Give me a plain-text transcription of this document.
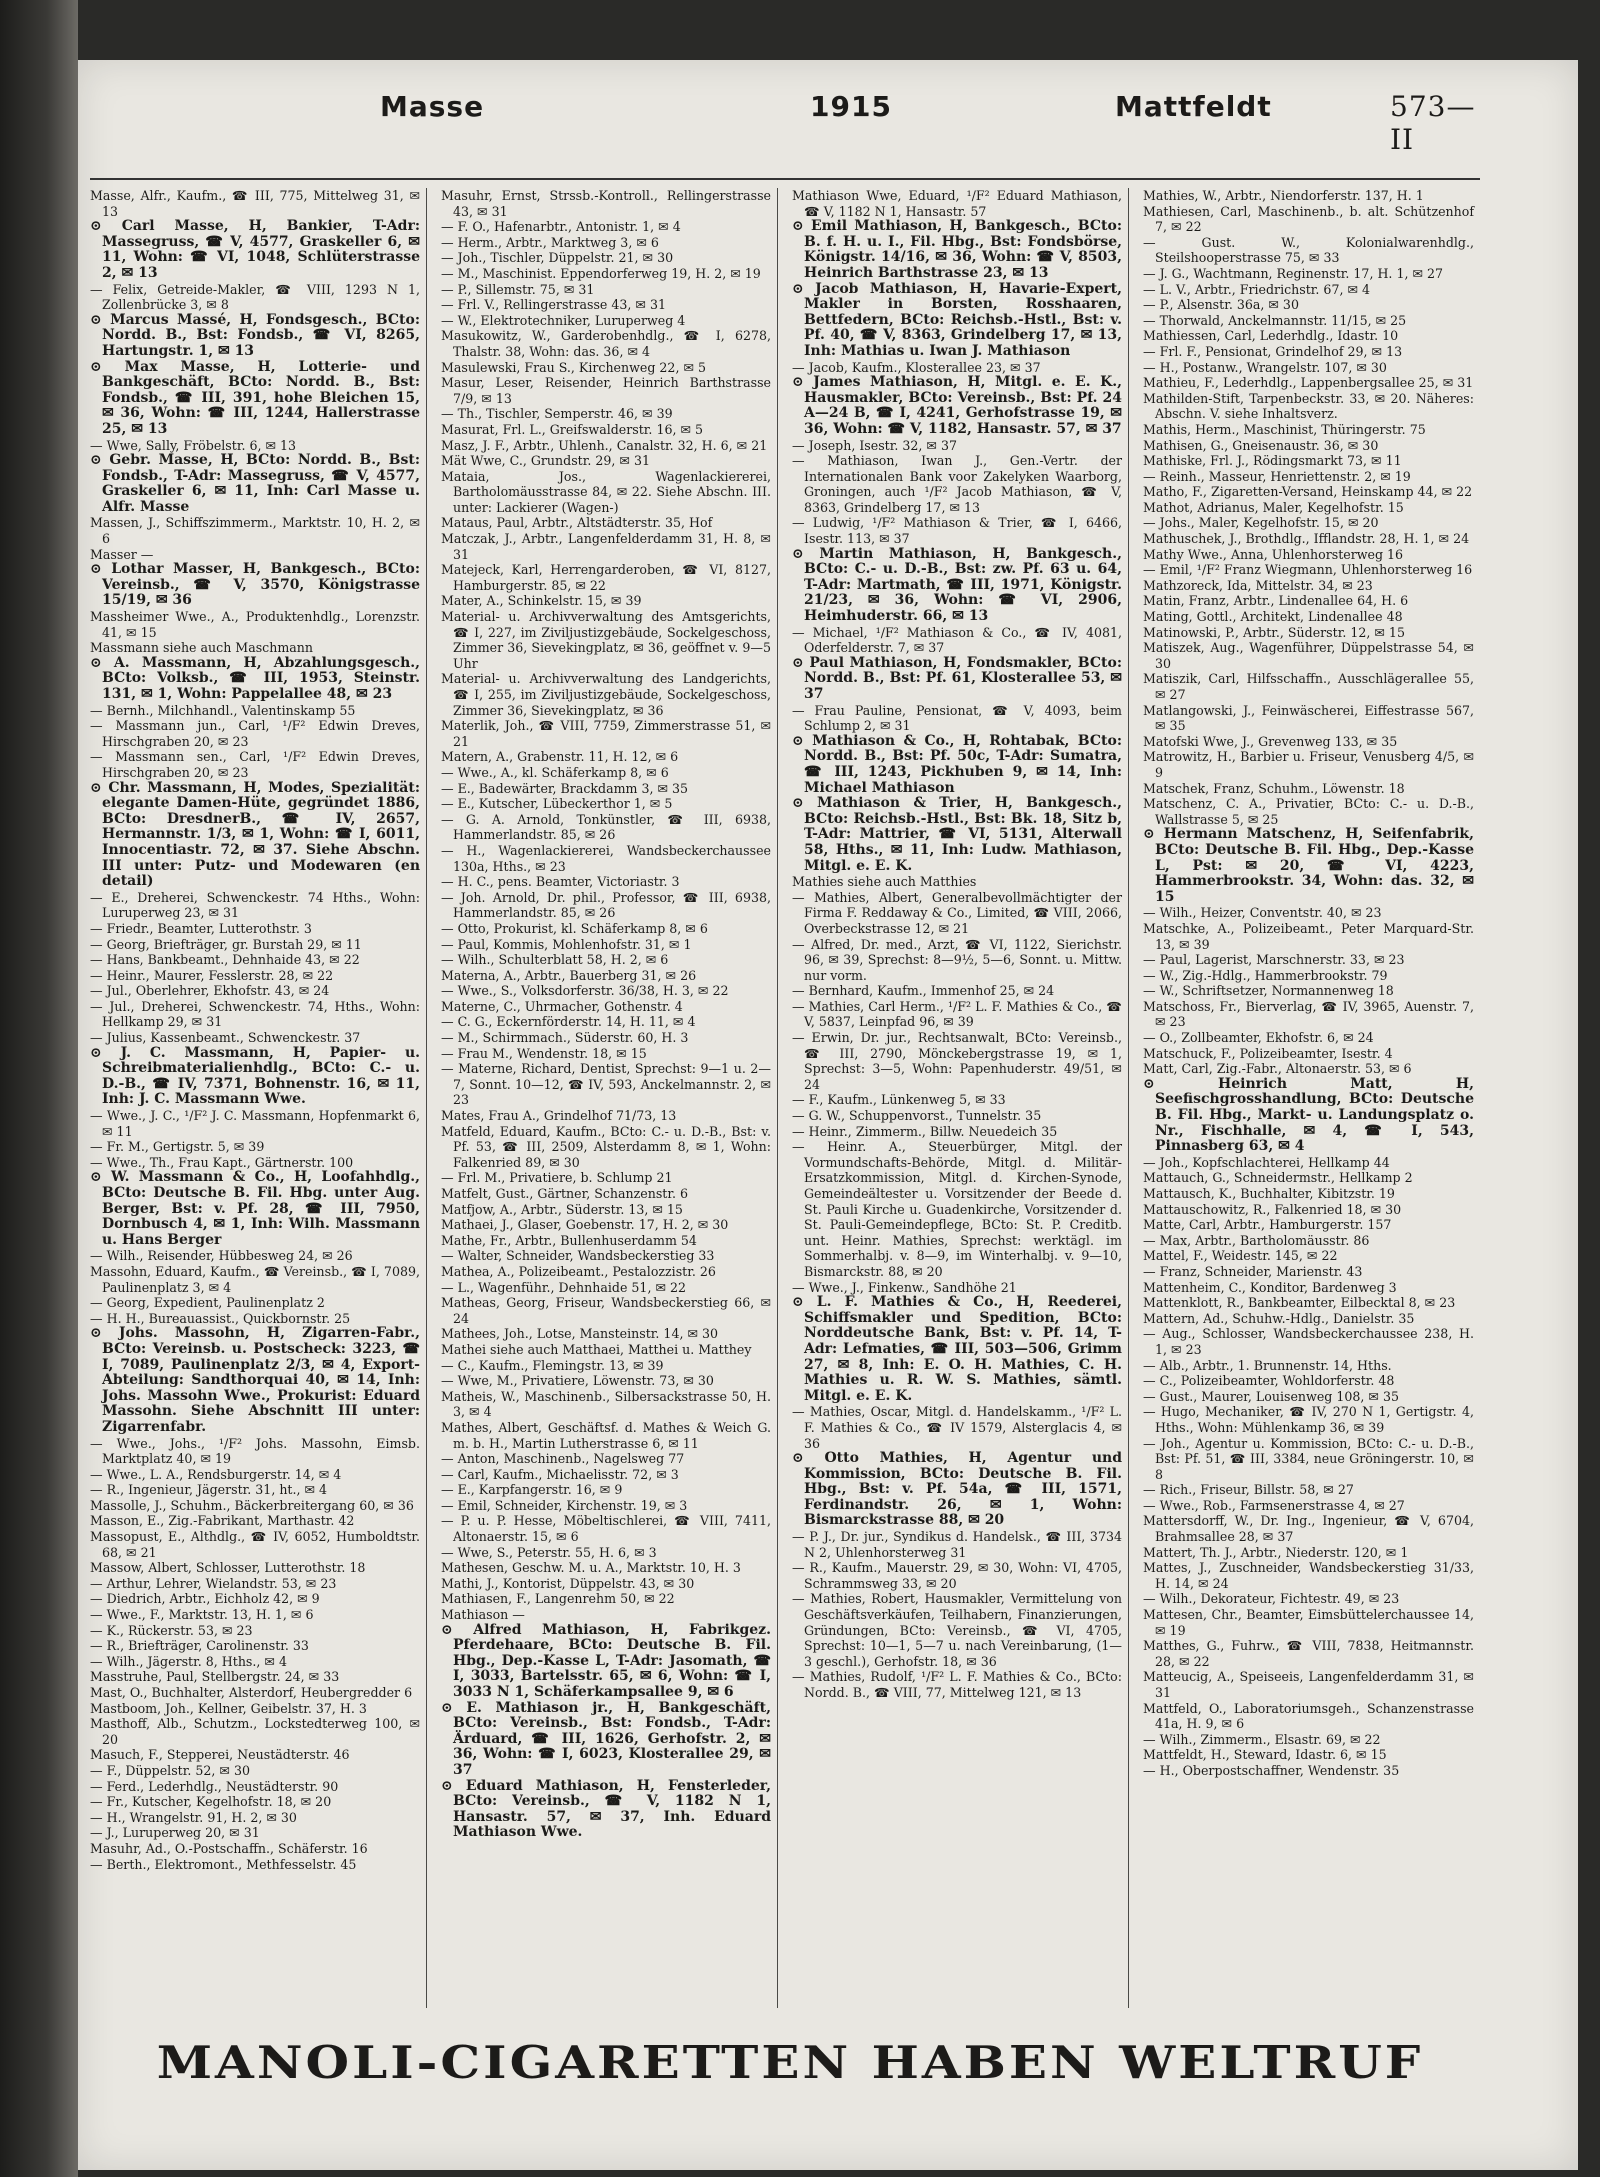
Masse	1915	Mattfeldt	573—II

Masse, Alfr., Kaufm., ☎ III, 775, Mittelweg 31, ✉ 13

⊙ Carl Masse, H, Bankier, T-Adr: Massegruss, ☎ V, 4577, Graskeller 6, ✉ 11, Wohn: ☎ VI, 1048, Schlüterstrasse 2, ✉ 13

— Felix, Getreide-Makler, ☎ VIII, 1293 N 1, Zollenbrücke 3, ✉ 8

⊙ Marcus Massé, H, Fondsgesch., BCto: Nordd. B., Bst: Fondsb., ☎ VI, 8265, Hartungstr. 1, ✉ 13

⊙ Max Masse, H, Lotterie- und Bankgeschäft, BCto: Nordd. B., Bst: Fondsb., ☎ III, 391, hohe Bleichen 15, ✉ 36, Wohn: ☎ III, 1244, Hallerstrasse 25, ✉ 13

— Wwe, Sally, Fröbelstr. 6, ✉ 13

⊙ Gebr. Masse, H, BCto: Nordd. B., Bst: Fondsb., T-Adr: Massegruss, ☎ V, 4577, Graskeller 6, ✉ 11, Inh: Carl Masse u. Alfr. Masse

Massen, J., Schiffszimmerm., Marktstr. 10, H. 2, ✉ 6

Masser —

⊙ Lothar Masser, H, Bankgesch., BCto: Vereinsb., ☎ V, 3570, Königstrasse 15/19, ✉ 36

Massheimer Wwe., A., Produktenhdlg., Lorenzstr. 41, ✉ 15

Massmann siehe auch Maschmann

⊙ A. Massmann, H, Abzahlungsgesch., BCto: Volksb., ☎ III, 1953, Steinstr. 131, ✉ 1, Wohn: Pappelallee 48, ✉ 23

— Bernh., Milchhandl., Valentinskamp 55

— Massmann jun., Carl, ¹/F² Edwin Dreves, Hirschgraben 20, ✉ 23

— Massmann sen., Carl, ¹/F² Edwin Dreves, Hirschgraben 20, ✉ 23

⊙ Chr. Massmann, H, Modes, Spezialität: elegante Damen-Hüte, gegründet 1886, BCto: DresdnerB., ☎ IV, 2657, Hermannstr. 1/3, ✉ 1, Wohn: ☎ I, 6011, Innocentiastr. 72, ✉ 37. Siehe Abschn. III unter: Putz- und Modewaren (en detail)

— E., Dreherei, Schwenckestr. 74 Hths., Wohn: Luruperweg 23, ✉ 31

— Friedr., Beamter, Lutterothstr. 3

— Georg, Briefträger, gr. Burstah 29, ✉ 11

— Hans, Bankbeamt., Dehnhaide 43, ✉ 22

— Heinr., Maurer, Fesslerstr. 28, ✉ 22

— Jul., Oberlehrer, Ekhofstr. 43, ✉ 24

— Jul., Dreherei, Schwenckestr. 74, Hths., Wohn: Hellkamp 29, ✉ 31

— Julius, Kassenbeamt., Schwenckestr. 37

⊙ J. C. Massmann, H, Papier- u. Schreibmaterialienhdlg., BCto: C.- u. D.-B., ☎ IV, 7371, Bohnenstr. 16, ✉ 11, Inh: J. C. Massmann Wwe.

— Wwe., J. C., ¹/F² J. C. Massmann, Hopfenmarkt 6, ✉ 11

— Fr. M., Gertigstr. 5, ✉ 39

— Wwe., Th., Frau Kapt., Gärtnerstr. 100

⊙ W. Massmann & Co., H, Loofahhdlg., BCto: Deutsche B. Fil. Hbg. unter Aug. Berger, Bst: v. Pf. 28, ☎ III, 7950, Dornbusch 4, ✉ 1, Inh: Wilh. Massmann u. Hans Berger

— Wilh., Reisender, Hübbesweg 24, ✉ 26

Massohn, Eduard, Kaufm., ☎ Vereinsb., ☎ I, 7089, Paulinenplatz 3, ✉ 4

— Georg, Expedient, Paulinenplatz 2

— H. H., Bureauassist., Quickbornstr. 25

⊙ Johs. Massohn, H, Zigarren-Fabr., BCto: Vereinsb. u. Postscheck: 3223, ☎ I, 7089, Paulinenplatz 2/3, ✉ 4, Export-Abteilung: Sandthorquai 40, ✉ 14, Inh: Johs. Massohn Wwe., Prokurist: Eduard Massohn. Siehe Abschnitt III unter: Zigarrenfabr.

— Wwe., Johs., ¹/F² Johs. Massohn, Eimsb. Marktplatz 40, ✉ 19

— Wwe., L. A., Rendsburgerstr. 14, ✉ 4

— R., Ingenieur, Jägerstr. 31, ht., ✉ 4

Massolle, J., Schuhm., Bäckerbreitergang 60, ✉ 36

Masson, E., Zig.-Fabrikant, Marthastr. 42

Massopust, E., Althdlg., ☎ IV, 6052, Humboldtstr. 68, ✉ 21

Massow, Albert, Schlosser, Lutterothstr. 18

— Arthur, Lehrer, Wielandstr. 53, ✉ 23

— Diedrich, Arbtr., Eichholz 42, ✉ 9

— Wwe., F., Marktstr. 13, H. 1, ✉ 6

— K., Rückerstr. 53, ✉ 23

— R., Briefträger, Carolinenstr. 33

— Wilh., Jägerstr. 8, Hths., ✉ 4

Masstruhe, Paul, Stellbergstr. 24, ✉ 33

Mast, O., Buchhalter, Alsterdorf, Heubergredder 6

Mastboom, Joh., Kellner, Geibelstr. 37, H. 3

Masthoff, Alb., Schutzm., Lockstedterweg 100, ✉ 20

Masuch, F., Stepperei, Neustädterstr. 46

— F., Düppelstr. 52, ✉ 30

— Ferd., Lederhdlg., Neustädterstr. 90

— Fr., Kutscher, Kegelhofstr. 18, ✉ 20

— H., Wrangelstr. 91, H. 2, ✉ 30

— J., Luruperweg 20, ✉ 31

Masuhr, Ad., O.-Postschaffn., Schäferstr. 16

— Berth., Elektromont., Methfesselstr. 45

Masuhr, Ernst, Strssb.-Kontroll., Rellingerstrasse 43, ✉ 31

— F. O., Hafenarbtr., Antonistr. 1, ✉ 4

— Herm., Arbtr., Marktweg 3, ✉ 6

— Joh., Tischler, Düppelstr. 21, ✉ 30

— M., Maschinist. Eppendorferweg 19, H. 2, ✉ 19

— P., Sillemstr. 75, ✉ 31

— Frl. V., Rellingerstrasse 43, ✉ 31

— W., Elektrotechniker, Luruperweg 4

Masukowitz, W., Garderobenhdlg., ☎ I, 6278, Thalstr. 38, Wohn: das. 36, ✉ 4

Masulewski, Frau S., Kirchenweg 22, ✉ 5

Masur, Leser, Reisender, Heinrich Barthstrasse 7/9, ✉ 13

— Th., Tischler, Semperstr. 46, ✉ 39

Masurat, Frl. L., Greifswalderstr. 16, ✉ 5

Masz, J. F., Arbtr., Uhlenh., Canalstr. 32, H. 6, ✉ 21

Mät Wwe, C., Grundstr. 29, ✉ 31

Mataia, Jos., Wagenlackiererei, Bartholomäusstrasse 84, ✉ 22. Siehe Abschn. III. unter: Lackierer (Wagen-)

Mataus, Paul, Arbtr., Altstädterstr. 35, Hof

Matczak, J., Arbtr., Langenfelderdamm 31, H. 8, ✉ 31

Matejeck, Karl, Herrengarderoben, ☎ VI, 8127, Hamburgerstr. 85, ✉ 22

Mater, A., Schinkelstr. 15, ✉ 39

Material- u. Archivverwaltung des Amtsgerichts, ☎ I, 227, im Ziviljustizgebäude, Sockelgeschoss, Zimmer 36, Sievekingplatz, ✉ 36, geöffnet v. 9—5 Uhr

Material- u. Archivverwaltung des Landgerichts, ☎ I, 255, im Ziviljustizgebäude, Sockelgeschoss, Zimmer 36, Sievekingplatz, ✉ 36

Materlik, Joh., ☎ VIII, 7759, Zimmerstrasse 51, ✉ 21

Matern, A., Grabenstr. 11, H. 12, ✉ 6

— Wwe., A., kl. Schäferkamp 8, ✉ 6

— E., Badewärter, Brackdamm 3, ✉ 35

— E., Kutscher, Lübeckerthor 1, ✉ 5

— G. A. Arnold, Tonkünstler, ☎ III, 6938, Hammerlandstr. 85, ✉ 26

— H., Wagenlackiererei, Wandsbeckerchaussee 130a, Hths., ✉ 23

— H. C., pens. Beamter, Victoriastr. 3

— Joh. Arnold, Dr. phil., Professor, ☎ III, 6938, Hammerlandstr. 85, ✉ 26

— Otto, Prokurist, kl. Schäferkamp 8, ✉ 6

— Paul, Kommis, Mohlenhofstr. 31, ✉ 1

— Wilh., Schulterblatt 58, H. 2, ✉ 6

Materna, A., Arbtr., Bauerberg 31, ✉ 26

— Wwe., S., Volksdorferstr. 36/38, H. 3, ✉ 22

Materne, C., Uhrmacher, Gothenstr. 4

— C. G., Eckernförderstr. 14, H. 11, ✉ 4

— M., Schirmmach., Süderstr. 60, H. 3

— Frau M., Wendenstr. 18, ✉ 15

— Materne, Richard, Dentist, Sprechst: 9—1 u. 2—7, Sonnt. 10—12, ☎ IV, 593, Anckelmannstr. 2, ✉ 23

Mates, Frau A., Grindelhof 71/73, 13

Matfeld, Eduard, Kaufm., BCto: C.- u. D.-B., Bst: v. Pf. 53, ☎ III, 2509, Alsterdamm 8, ✉ 1, Wohn: Falkenried 89, ✉ 30

— Frl. M., Privatiere, b. Schlump 21

Matfelt, Gust., Gärtner, Schanzenstr. 6

Matfjow, A., Arbtr., Süderstr. 13, ✉ 15

Mathaei, J., Glaser, Goebenstr. 17, H. 2, ✉ 30

Mathe, Fr., Arbtr., Bullenhuserdamm 54

— Walter, Schneider, Wandsbeckerstieg 33

Mathea, A., Polizeibeamt., Pestalozzistr. 26

— L., Wagenführ., Dehnhaide 51, ✉ 22

Matheas, Georg, Friseur, Wandsbeckerstieg 66, ✉ 24

Mathees, Joh., Lotse, Mansteinstr. 14, ✉ 30

Mathei siehe auch Matthaei, Matthei u. Matthey

— C., Kaufm., Flemingstr. 13, ✉ 39

— Wwe, M., Privatiere, Löwenstr. 73, ✉ 30

Matheis, W., Maschinenb., Silbersackstrasse 50, H. 3, ✉ 4

Mathes, Albert, Geschäftsf. d. Mathes & Weich G. m. b. H., Martin Lutherstrasse 6, ✉ 11

— Anton, Maschinenb., Nagelsweg 77

— Carl, Kaufm., Michaelisstr. 72, ✉ 3

— E., Karpfangerstr. 16, ✉ 9

— Emil, Schneider, Kirchenstr. 19, ✉ 3

— P. u. P. Hesse, Möbeltischlerei, ☎ VIII, 7411, Altonaerstr. 15, ✉ 6

— Wwe, S., Peterstr. 55, H. 6, ✉ 3

Mathesen, Geschw. M. u. A., Marktstr. 10, H. 3

Mathi, J., Kontorist, Düppelstr. 43, ✉ 30

Mathiasen, F., Langenrehm 50, ✉ 22

Mathiason —

⊙ Alfred Mathiason, H, Fabrikgez. Pferdehaare, BCto: Deutsche B. Fil. Hbg., Dep.-Kasse L, T-Adr: Jasomath, ☎ I, 3033, Bartelsstr. 65, ✉ 6, Wohn: ☎ I, 3033 N 1, Schäferkampsallee 9, ✉ 6

⊙ E. Mathiason jr., H, Bankgeschäft, BCto: Vereinsb., Bst: Fondsb., T-Adr: Ärduard, ☎ III, 1626, Gerhofstr. 2, ✉ 36, Wohn: ☎ I, 6023, Klosterallee 29, ✉ 37

⊙ Eduard Mathiason, H, Fensterleder, BCto: Vereinsb., ☎ V, 1182 N 1, Hansastr. 57, ✉ 37, Inh. Eduard Mathiason Wwe.

Mathiason Wwe, Eduard, ¹/F² Eduard Mathiason, ☎ V, 1182 N 1, Hansastr. 57

⊙ Emil Mathiason, H, Bankgesch., BCto: B. f. H. u. I., Fil. Hbg., Bst: Fondsbörse, Königstr. 14/16, ✉ 36, Wohn: ☎ V, 8503, Heinrich Barthstrasse 23, ✉ 13

⊙ Jacob Mathiason, H, Havarie-Expert, Makler in Borsten, Rosshaaren, Bettfedern, BCto: Reichsb.-Hstl., Bst: v. Pf. 40, ☎ V, 8363, Grindelberg 17, ✉ 13, Inh: Mathias u. Iwan J. Mathiason

— Jacob, Kaufm., Klosterallee 23, ✉ 37

⊙ James Mathiason, H, Mitgl. e. E. K., Hausmakler, BCto: Vereinsb., Bst: Pf. 24 A—24 B, ☎ I, 4241, Gerhofstrasse 19, ✉ 36, Wohn: ☎ V, 1182, Hansastr. 57, ✉ 37

— Joseph, Isestr. 32, ✉ 37

— Mathiason, Iwan J., Gen.-Vertr. der Internationalen Bank voor Zakelyken Waarborg, Groningen, auch ¹/F² Jacob Mathiason, ☎ V, 8363, Grindelberg 17, ✉ 13

— Ludwig, ¹/F² Mathiason & Trier, ☎ I, 6466, Isestr. 113, ✉ 37

⊙ Martin Mathiason, H, Bankgesch., BCto: C.- u. D.-B., Bst: zw. Pf. 63 u. 64, T-Adr: Martmath, ☎ III, 1971, Königstr. 21/23, ✉ 36, Wohn: ☎ VI, 2906, Heimhuderstr. 66, ✉ 13

— Michael, ¹/F² Mathiason & Co., ☎ IV, 4081, Oderfelderstr. 7, ✉ 37

⊙ Paul Mathiason, H, Fondsmakler, BCto: Nordd. B., Bst: Pf. 61, Klosterallee 53, ✉ 37

— Frau Pauline, Pensionat, ☎ V, 4093, beim Schlump 2, ✉ 31

⊙ Mathiason & Co., H, Rohtabak, BCto: Nordd. B., Bst: Pf. 50c, T-Adr: Sumatra, ☎ III, 1243, Pickhuben 9, ✉ 14, Inh: Michael Mathiason

⊙ Mathiason & Trier, H, Bankgesch., BCto: Reichsb.-Hstl., Bst: Bk. 18, Sitz b, T-Adr: Mattrier, ☎ VI, 5131, Alterwall 58, Hths., ✉ 11, Inh: Ludw. Mathiason, Mitgl. e. E. K.

Mathies siehe auch Matthies

— Mathies, Albert, Generalbevollmächtigter der Firma F. Reddaway & Co., Limited, ☎ VIII, 2066, Overbeckstrasse 12, ✉ 21

— Alfred, Dr. med., Arzt, ☎ VI, 1122, Sierichstr. 96, ✉ 39, Sprechst: 8—9½, 5—6, Sonnt. u. Mittw. nur vorm.

— Bernhard, Kaufm., Immenhof 25, ✉ 24

— Mathies, Carl Herm., ¹/F² L. F. Mathies & Co., ☎ V, 5837, Leinpfad 96, ✉ 39

— Erwin, Dr. jur., Rechtsanwalt, BCto: Vereinsb., ☎ III, 2790, Mönckebergstrasse 19, ✉ 1, Sprechst: 3—5, Wohn: Papenhuderstr. 49/51, ✉ 24

— F., Kaufm., Lünkenweg 5, ✉ 33

— G. W., Schuppenvorst., Tunnelstr. 35

— Heinr., Zimmerm., Billw. Neuedeich 35

— Heinr. A., Steuerbürger, Mitgl. der Vormundschafts-Behörde, Mitgl. d. Militär-Ersatzkommission, Mitgl. d. Kirchen-Synode, Gemeindeältester u. Vorsitzender der Beede d. St. Pauli Kirche u. Guadenkirche, Vorsitzender d. St. Pauli-Gemeindepflege, BCto: St. P. Creditb. unt. Heinr. Mathies, Sprechst: werktägl. im Sommerhalbj. v. 8—9, im Winterhalbj. v. 9—10, Bismarckstr. 88, ✉ 20

— Wwe., J., Finkenw., Sandhöhe 21

⊙ L. F. Mathies & Co., H, Reederei, Schiffsmakler und Spedition, BCto: Norddeutsche Bank, Bst: v. Pf. 14, T-Adr: Lefmaties, ☎ III, 503—506, Grimm 27, ✉ 8, Inh: E. O. H. Mathies, C. H. Mathies u. R. W. S. Mathies, sämtl. Mitgl. e. E. K.

— Mathies, Oscar, Mitgl. d. Handelskamm., ¹/F² L. F. Mathies & Co., ☎ IV 1579, Alsterglacis 4, ✉ 36

⊙ Otto Mathies, H, Agentur und Kommission, BCto: Deutsche B. Fil. Hbg., Bst: v. Pf. 54a, ☎ III, 1571, Ferdinandstr. 26, ✉ 1, Wohn: Bismarckstrasse 88, ✉ 20

— P. J., Dr. jur., Syndikus d. Handelsk., ☎ III, 3734 N 2, Uhlenhorsterweg 31

— R., Kaufm., Mauerstr. 29, ✉ 30, Wohn: VI, 4705, Schrammsweg 33, ✉ 20

— Mathies, Robert, Hausmakler, Vermittelung von Geschäftsverkäufen, Teilhabern, Finanzierungen, Gründungen, BCto: Vereinsb., ☎ VI, 4705, Sprechst: 10—1, 5—7 u. nach Vereinbarung, (1—3 geschl.), Gerhofstr. 18, ✉ 36

— Mathies, Rudolf, ¹/F² L. F. Mathies & Co., BCto: Nordd. B., ☎ VIII, 77, Mittelweg 121, ✉ 13

Mathies, W., Arbtr., Niendorferstr. 137, H. 1

Mathiesen, Carl, Maschinenb., b. alt. Schützenhof 7, ✉ 22

— Gust. W., Kolonialwarenhdlg., Steilshooperstrasse 75, ✉ 33

— J. G., Wachtmann, Reginenstr. 17, H. 1, ✉ 27

— L. V., Arbtr., Friedrichstr. 67, ✉ 4

— P., Alsenstr. 36a, ✉ 30

— Thorwald, Anckelmannstr. 11/15, ✉ 25

Mathiessen, Carl, Lederhdlg., Idastr. 10

— Frl. F., Pensionat, Grindelhof 29, ✉ 13

— H., Postanw., Wrangelstr. 107, ✉ 30

Mathieu, F., Lederhdlg., Lappenbergsallee 25, ✉ 31

Mathilden-Stift, Tarpenbeckstr. 33, ✉ 20. Näheres: Abschn. V. siehe Inhaltsverz.

Mathis, Herm., Maschinist, Thüringerstr. 75

Mathisen, G., Gneisenaustr. 36, ✉ 30

Mathiske, Frl. J., Rödingsmarkt 73, ✉ 11

— Reinh., Masseur, Henriettenstr. 2, ✉ 19

Matho, F., Zigaretten-Versand, Heinskamp 44, ✉ 22

Mathot, Adrianus, Maler, Kegelhofstr. 15

— Johs., Maler, Kegelhofstr. 15, ✉ 20

Mathuschek, J., Brothdlg., Ifflandstr. 28, H. 1, ✉ 24

Mathy Wwe., Anna, Uhlenhorsterweg 16

— Emil, ¹/F² Franz Wiegmann, Uhlenhorsterweg 16

Mathzoreck, Ida, Mittelstr. 34, ✉ 23

Matin, Franz, Arbtr., Lindenallee 64, H. 6

Mating, Gottl., Architekt, Lindenallee 48

Matinowski, P., Arbtr., Süderstr. 12, ✉ 15

Matiszek, Aug., Wagenführer, Düppelstrasse 54, ✉ 30

Matiszik, Carl, Hilfsschaffn., Ausschlägerallee 55, ✉ 27

Matlangowski, J., Feinwäscherei, Eiffestrasse 567, ✉ 35

Matofski Wwe, J., Grevenweg 133, ✉ 35

Matrowitz, H., Barbier u. Friseur, Venusberg 4/5, ✉ 9

Matschek, Franz, Schuhm., Löwenstr. 18

Matschenz, C. A., Privatier, BCto: C.- u. D.-B., Wallstrasse 5, ✉ 25

⊙ Hermann Matschenz, H, Seifenfabrik, BCto: Deutsche B. Fil. Hbg., Dep.-Kasse L, Pst: ✉ 20, ☎ VI, 4223, Hammerbrookstr. 34, Wohn: das. 32, ✉ 15

— Wilh., Heizer, Conventstr. 40, ✉ 23

Matschke, A., Polizeibeamt., Peter Marquard-Str. 13, ✉ 39

— Paul, Lagerist, Marschnerstr. 33, ✉ 23

— W., Zig.-Hdlg., Hammerbrookstr. 79

— W., Schriftsetzer, Normannenweg 18

Matschoss, Fr., Bierverlag, ☎ IV, 3965, Auenstr. 7, ✉ 23

— O., Zollbeamter, Ekhofstr. 6, ✉ 24

Matschuck, F., Polizeibeamter, Isestr. 4

Matt, Carl, Zig.-Fabr., Altonaerstr. 53, ✉ 6

⊙ Heinrich Matt, H, Seefischgrosshandlung, BCto: Deutsche B. Fil. Hbg., Markt- u. Landungsplatz o. Nr., Fischhalle, ✉ 4, ☎ I, 543, Pinnasberg 63, ✉ 4

— Joh., Kopfschlachterei, Hellkamp 44

Mattauch, G., Schneidermstr., Hellkamp 2

Mattausch, K., Buchhalter, Kibitzstr. 19

Mattauschowitz, R., Falkenried 18, ✉ 30

Matte, Carl, Arbtr., Hamburgerstr. 157

— Max, Arbtr., Bartholomäusstr. 86

Mattel, F., Weidestr. 145, ✉ 22

— Franz, Schneider, Marienstr. 43

Mattenheim, C., Konditor, Bardenweg 3

Mattenklott, R., Bankbeamter, Eilbecktal 8, ✉ 23

Mattern, Ad., Schuhw.-Hdlg., Danielstr. 35

— Aug., Schlosser, Wandsbeckerchaussee 238, H. 1, ✉ 23

— Alb., Arbtr., 1. Brunnenstr. 14, Hths.

— C., Polizeibeamter, Wohldorferstr. 48

— Gust., Maurer, Louisenweg 108, ✉ 35

— Hugo, Mechaniker, ☎ IV, 270 N 1, Gertigstr. 4, Hths., Wohn: Mühlenkamp 36, ✉ 39

— Joh., Agentur u. Kommission, BCto: C.- u. D.-B., Bst: Pf. 51, ☎ III, 3384, neue Gröningerstr. 10, ✉ 8

— Rich., Friseur, Billstr. 58, ✉ 27

— Wwe., Rob., Farmsenerstrasse 4, ✉ 27

Mattersdorff, W., Dr. Ing., Ingenieur, ☎ V, 6704, Brahmsallee 28, ✉ 37

Mattert, Th. J., Arbtr., Niederstr. 120, ✉ 1

Mattes, J., Zuschneider, Wandsbeckerstieg 31/33, H. 14, ✉ 24

— Wilh., Dekorateur, Fichtestr. 49, ✉ 23

Mattesen, Chr., Beamter, Eimsbüttelerchaussee 14, ✉ 19

Matthes, G., Fuhrw., ☎ VIII, 7838, Heitmannstr. 28, ✉ 22

Matteucig, A., Speiseeis, Langenfelderdamm 31, ✉ 31

Mattfeld, O., Laboratoriumsgeh., Schanzenstrasse 41a, H. 9, ✉ 6

— Wilh., Zimmerm., Elsastr. 69, ✉ 22

Mattfeldt, H., Steward, Idastr. 6, ✉ 15

— H., Oberpostschaffner, Wendenstr. 35

MANOLI-CIGARETTEN HABEN WELTRUF
